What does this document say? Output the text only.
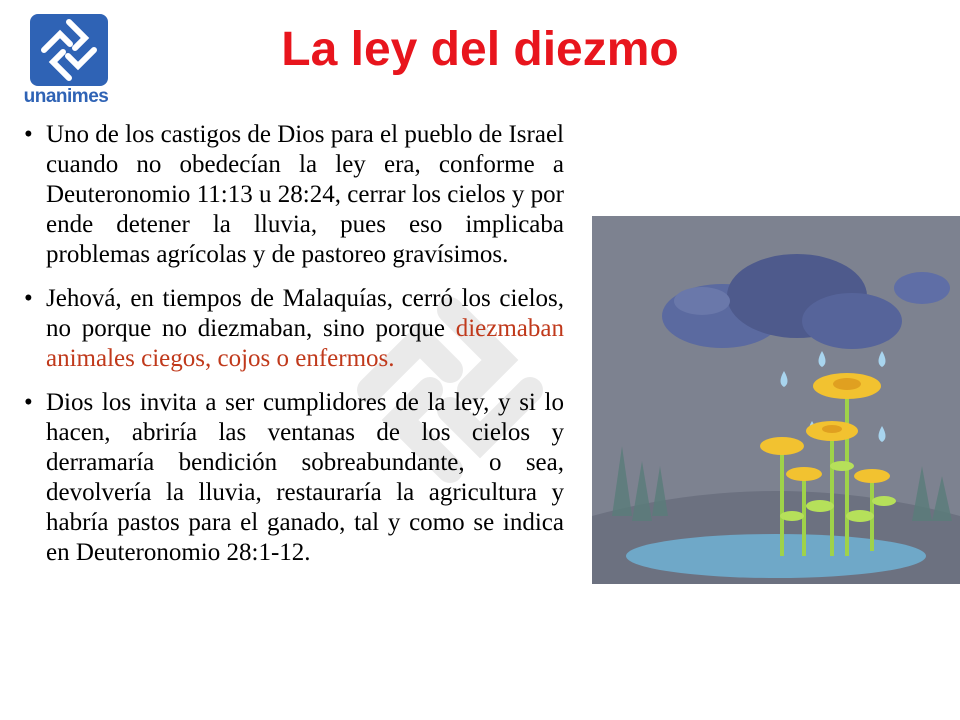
unanimes
La ley del diezmo
• Uno de los castigos de Dios para el pueblo de Israel cuando no obedecían la ley era, conforme a Deuteronomio 11:13 u 28:24, cerrar los cielos y por ende detener la lluvia, pues eso implicaba problemas agrícolas y de pastoreo gravísimos.
• Jehová, en tiempos de Malaquías, cerró los cielos, no porque no diezmaban, sino porque diezmaban animales ciegos, cojos o enfermos.
• Dios los invita a ser cumplidores de la ley, y si lo hacen, abriría las ventanas de los cielos y derramaría bendición sobreabundante, o sea, devolvería la lluvia, restauraría la agricultura y habría pastos para el ganado, tal y como se indica en Deuteronomio 28:1-12.
